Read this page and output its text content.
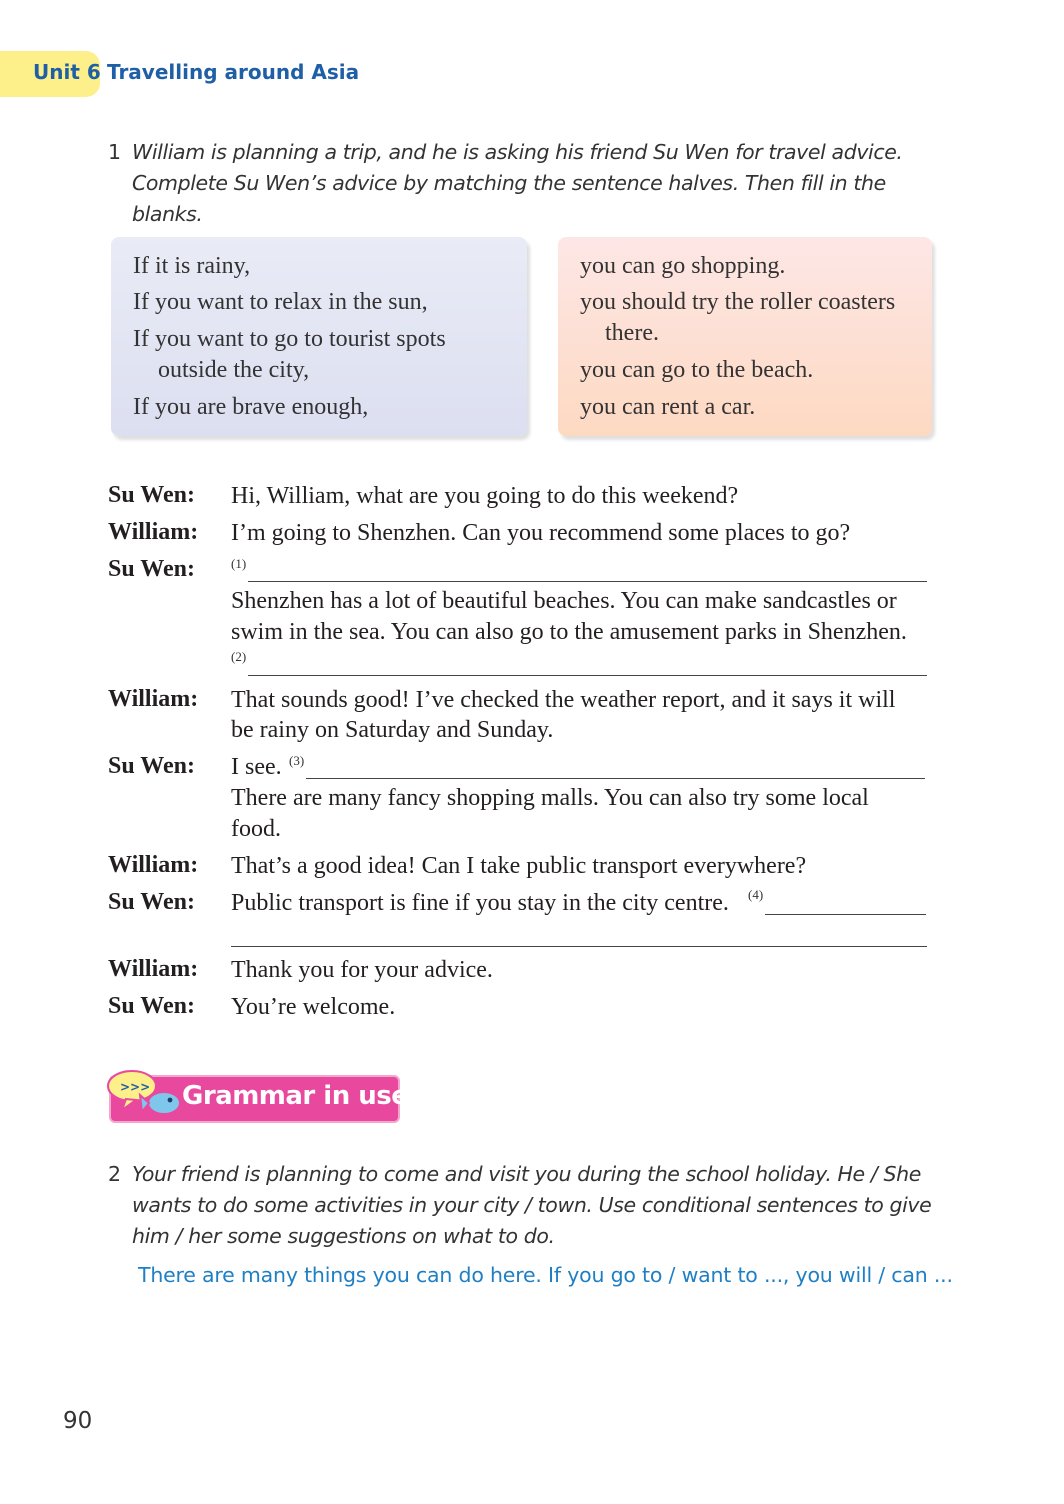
Unit 6 Travelling around Asia
1 William is planning a trip, and he is asking his friend Su Wen for travel advice. Complete Su Wen’s advice by matching the sentence halves. Then fill in the blanks.
If it is rainy,
If you want to relax in the sun,
If you want to go to tourist spots
outside the city,
If you are brave enough,
you can go shopping.
you should try the roller coasters
there.
you can go to the beach.
you can rent a car.
Su Wen:
William:
Su Wen:
William:
Su Wen:
William:
Su Wen:
William:
Su Wen:
Hi, William, what are you going to do this weekend?
I’m going to Shenzhen. Can you recommend some places to go?
(1)
Shenzhen has a lot of beautiful beaches. You can make sandcastles or
swim in the sea. You can also go to the amusement parks in Shenzhen.
(2)
That sounds good! I’ve checked the weather report, and it says it will
be rainy on Saturday and Sunday.
I see. (3)
There are many fancy shopping malls. You can also try some local
food.
That’s a good idea! Can I take public transport everywhere?
Public transport is fine if you stay in the city centre. (4)
Thank you for your advice.
You’re welcome.
>>> Grammar in use
2 Your friend is planning to come and visit you during the school holiday. He / She wants to do some activities in your city / town. Use conditional sentences to give him / her some suggestions on what to do.
There are many things you can do here. If you go to / want to ..., you will / can ...
90
